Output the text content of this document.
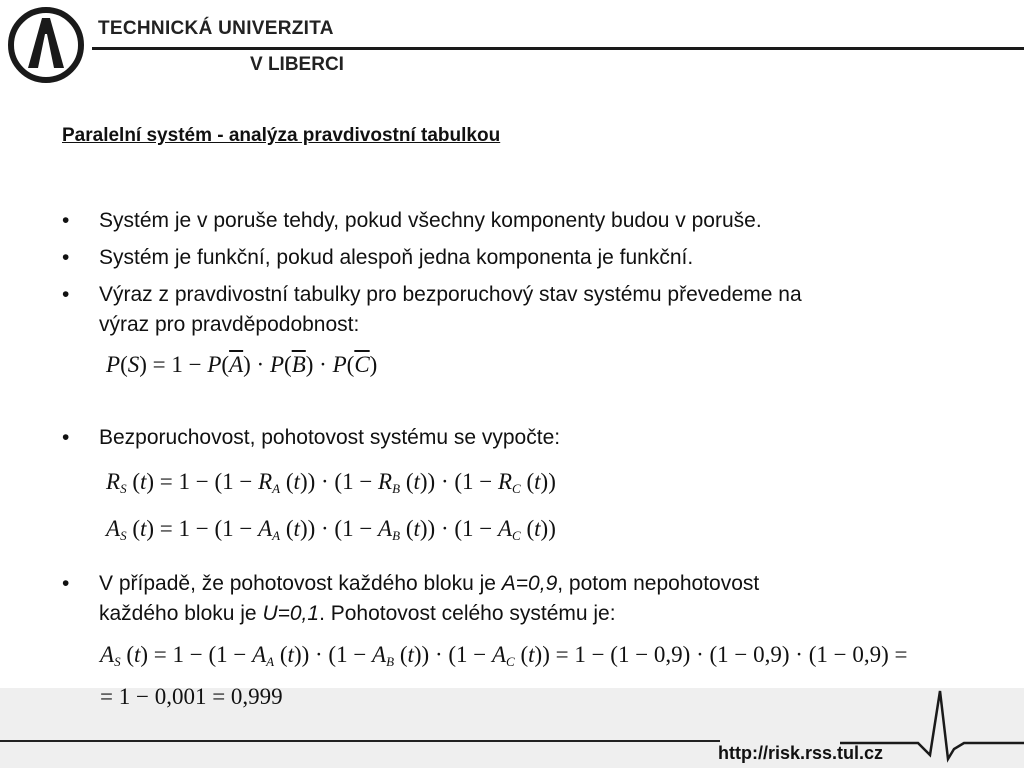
TECHNICKÁ UNIVERZITA
V LIBERCI
Paralelní systém - analýza pravdivostní tabulkou
• Systém je v poruše tehdy, pokud všechny komponenty budou v poruše.
• Systém je funkční, pokud alespoň jedna komponenta je funkční.
• Výraz z pravdivostní tabulky pro bezporuchový stav systému převedeme na
výraz pro pravděpodobnost:
$P(S) = 1 - P(\overline{A}) \cdot P(\overline{B}) \cdot P(\overline{C})$
• Bezporuchovost, pohotovost systému se vypočte:
$R_S$ $(t) = 1 - (1 - R_A$ $(t)) \cdot (1 - R_B$ $(t)) \cdot (1 - R_C$ (t))
$A_S$ $(t) = 1 - (1 - A_A$ $(t)) \cdot (1 - A_B$ $(t)) \cdot (1 - A_C$ (t))
• V případě, že pohotovost každého bloku je A=0,9, potom nepohotovost
každého bloku je U=0,1. Pohotovost celého systému je:
$A_S$ $(t) = 1 - (1 - A_A$ $(t)) \cdot (1 - A_B$ $(t)) \cdot (1 - A_C$ (t)) = 1 − (1 − 0,9) · (1 − 0,9) · (1 − 0,9) =
= 1 − 0,001 = 0,999
http://risk.rss.tul.cz
